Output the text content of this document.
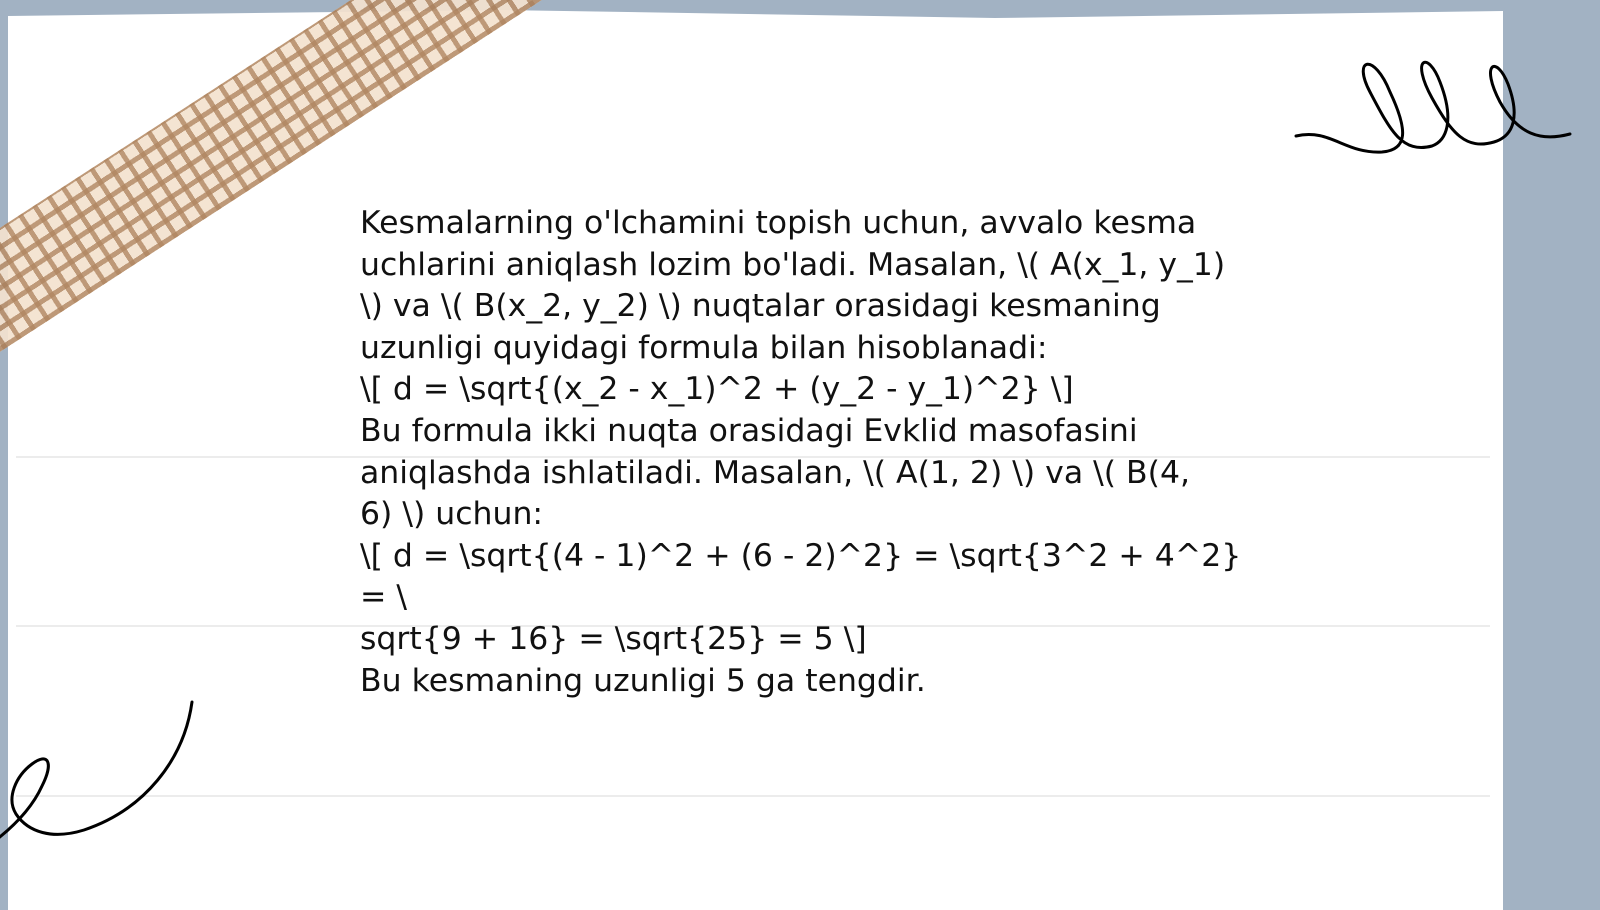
Kesmalarning o'lchamini topish uchun, avvalo kesma

uchlarini aniqlash lozim bo'ladi. Masalan, \( A(x_1, y_1)

\) va \( B(x_2, y_2) \) nuqtalar orasidagi kesmaning

uzunligi quyidagi formula bilan hisoblanadi:

\[ d = \sqrt{(x_2 - x_1)^2 + (y_2 - y_1)^2} \]

Bu formula ikki nuqta orasidagi Evklid masofasini

aniqlashda ishlatiladi. Masalan, \( A(1, 2) \) va \( B(4,

6) \) uchun:

\[ d = \sqrt{(4 - 1)^2 + (6 - 2)^2} = \sqrt{3^2 + 4^2} = \

sqrt{9 + 16} = \sqrt{25} = 5 \]

Bu kesmaning uzunligi 5 ga tengdir.
